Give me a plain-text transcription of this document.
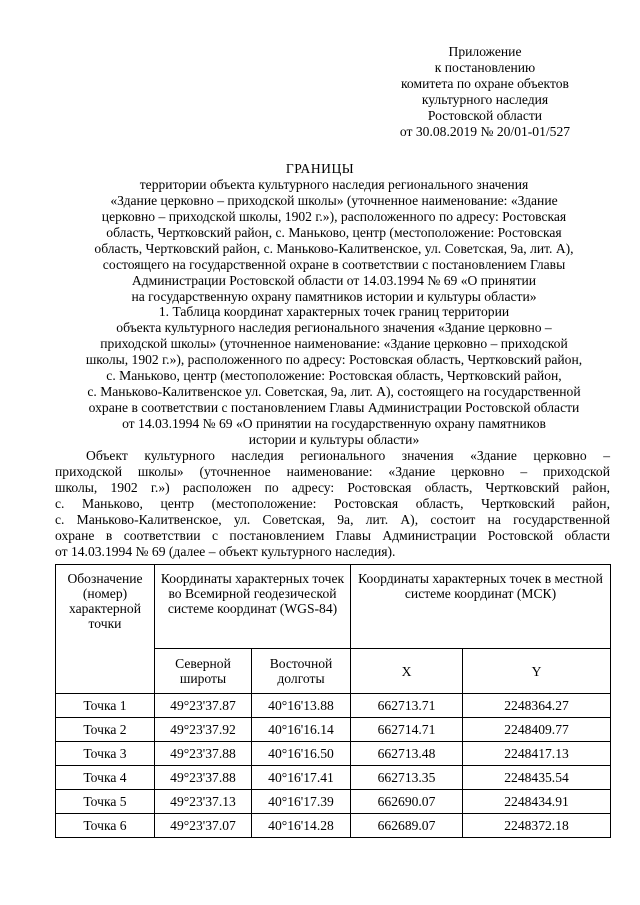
Приложение
к постановлению
комитета по охране объектов
культурного наследия
Ростовской области
от 30.08.2019 № 20/01-01/527
ГРАНИЦЫ
территории объекта культурного наследия регионального значения
«Здание церковно – приходской школы» (уточненное наименование: «Здание
церковно – приходской школы, 1902 г.»), расположенного по адресу: Ростовская
область, Чертковский район, с. Маньково, центр (местоположение: Ростовская
область, Чертковский район, с. Маньково-Калитвенское, ул. Советская, 9а, лит. А),
состоящего на государственной охране в соответствии с постановлением Главы
Администрации Ростовской области от 14.03.1994 № 69 «О принятии
на государственную охрану памятников истории и культуры области»
1. Таблица координат характерных точек границ территории
объекта культурного наследия регионального значения «Здание церковно –
приходской школы» (уточненное наименование: «Здание церковно – приходской
школы, 1902 г.»), расположенного по адресу: Ростовская область, Чертковский район,
с. Маньково, центр (местоположение: Ростовская область, Чертковский район,
с. Маньково-Калитвенское ул. Советская, 9а, лит. А), состоящего на государственной
охране в соответствии с постановлением Главы Администрации Ростовской области
от 14.03.1994 № 69 «О принятии на государственную охрану памятников
истории и культуры области»
Объект культурного наследия регионального значения «Здание церковно –
приходской школы» (уточненное наименование: «Здание церковно – приходской
школы, 1902 г.») расположен по адресу: Ростовская область, Чертковский район,
с. Маньково, центр (местоположение: Ростовская область, Чертковский район,
с. Маньково-Калитвенское, ул. Советская, 9а, лит. А), состоит на государственной
охране в соответствии с постановлением Главы Администрации Ростовской области
от 14.03.1994 № 69 (далее – объект культурного наследия).
Обозначение (номер) характерной точки	Координаты характерных точек во Всемирной геодезической системе координат (WGS-84)		Координаты характерных точек в местной системе координат (МСК)	
	Северной широты	Восточной долготы	X	Y
Точка 1	49°23'37.87	40°16'13.88	662713.71	2248364.27
Точка 2	49°23'37.92	40°16'16.14	662714.71	2248409.77
Точка 3	49°23'37.88	40°16'16.50	662713.48	2248417.13
Точка 4	49°23'37.88	40°16'17.41	662713.35	2248435.54
Точка 5	49°23'37.13	40°16'17.39	662690.07	2248434.91
Точка 6	49°23'37.07	40°16'14.28	662689.07	2248372.18
